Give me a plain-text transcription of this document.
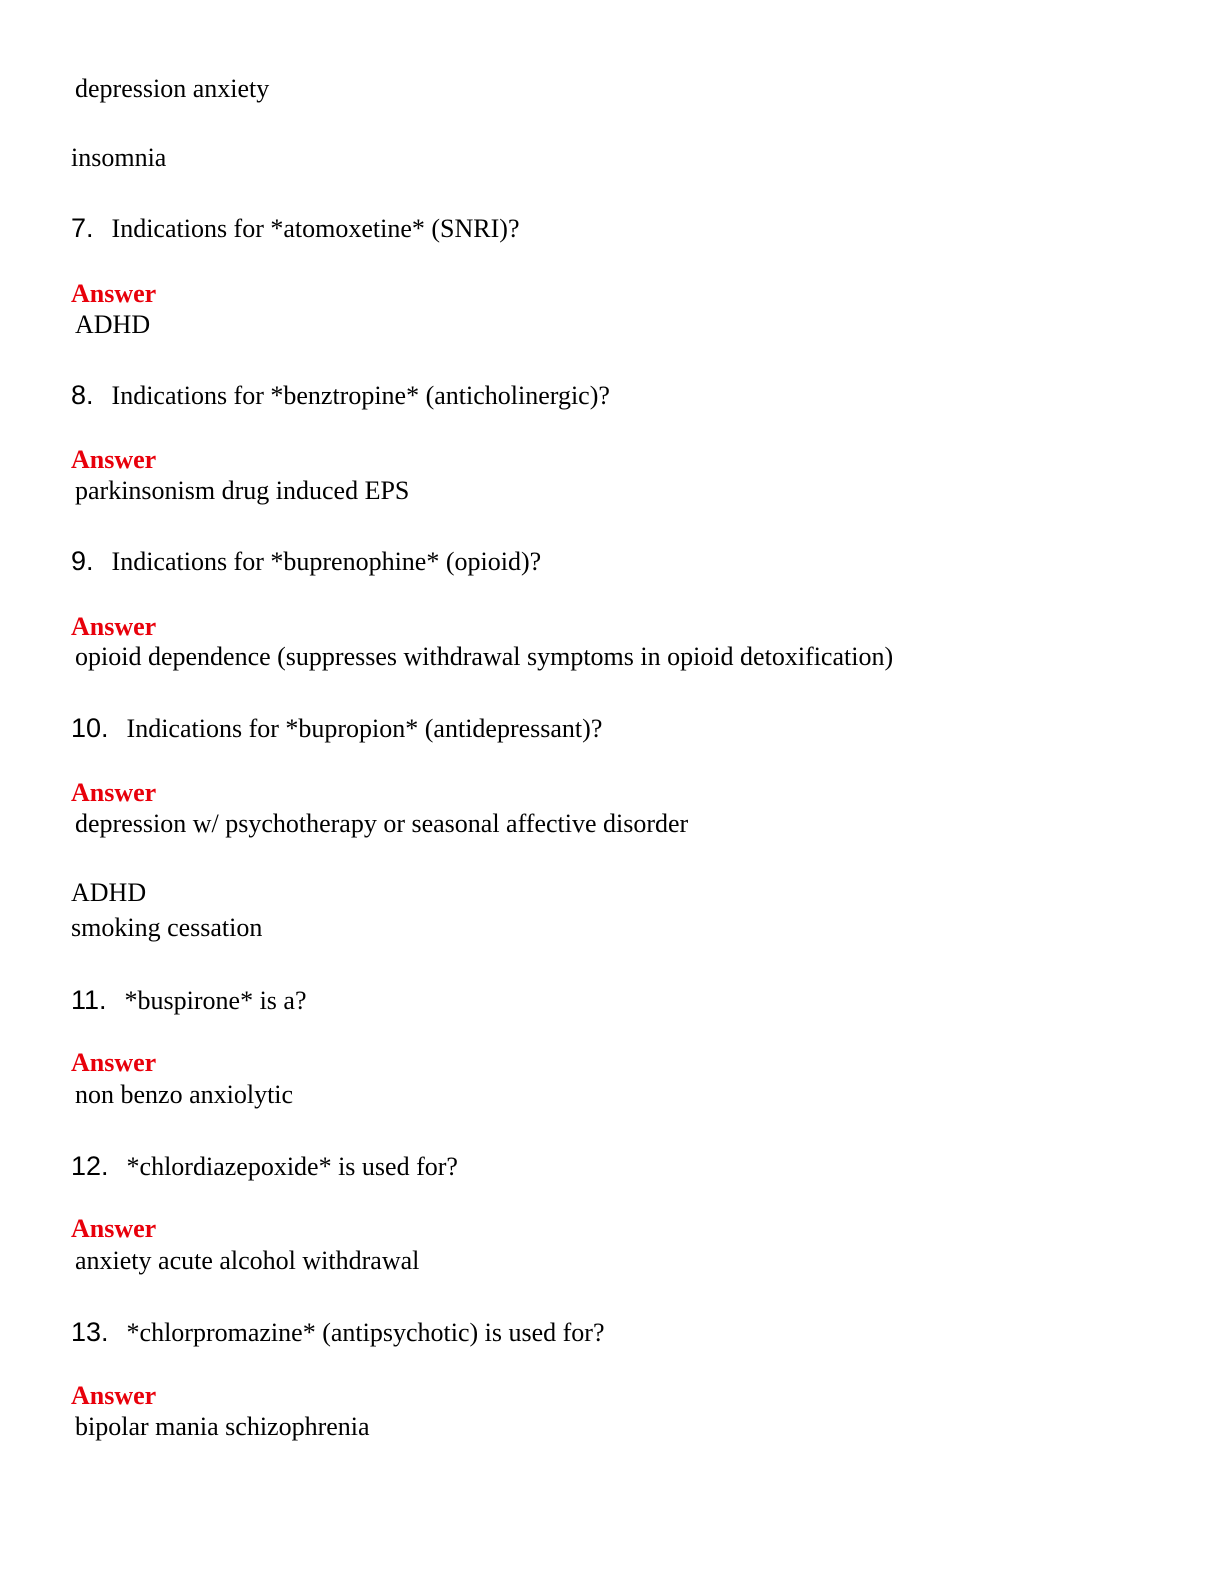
depression anxiety
insomnia
7. Indications for *atomoxetine* (SNRI)?
Answer
ADHD
8. Indications for *benztropine* (anticholinergic)?
Answer
parkinsonism drug induced EPS
9. Indications for *buprenophine* (opioid)?
Answer
opioid dependence (suppresses withdrawal symptoms in opioid detoxification)
10. Indications for *bupropion* (antidepressant)?
Answer
depression w/ psychotherapy or seasonal affective disorder
ADHD
smoking cessation
11. *buspirone* is a?
Answer
non benzo anxiolytic
12. *chlordiazepoxide* is used for?
Answer
anxiety acute alcohol withdrawal
13. *chlorpromazine* (antipsychotic) is used for?
Answer
bipolar mania schizophrenia
